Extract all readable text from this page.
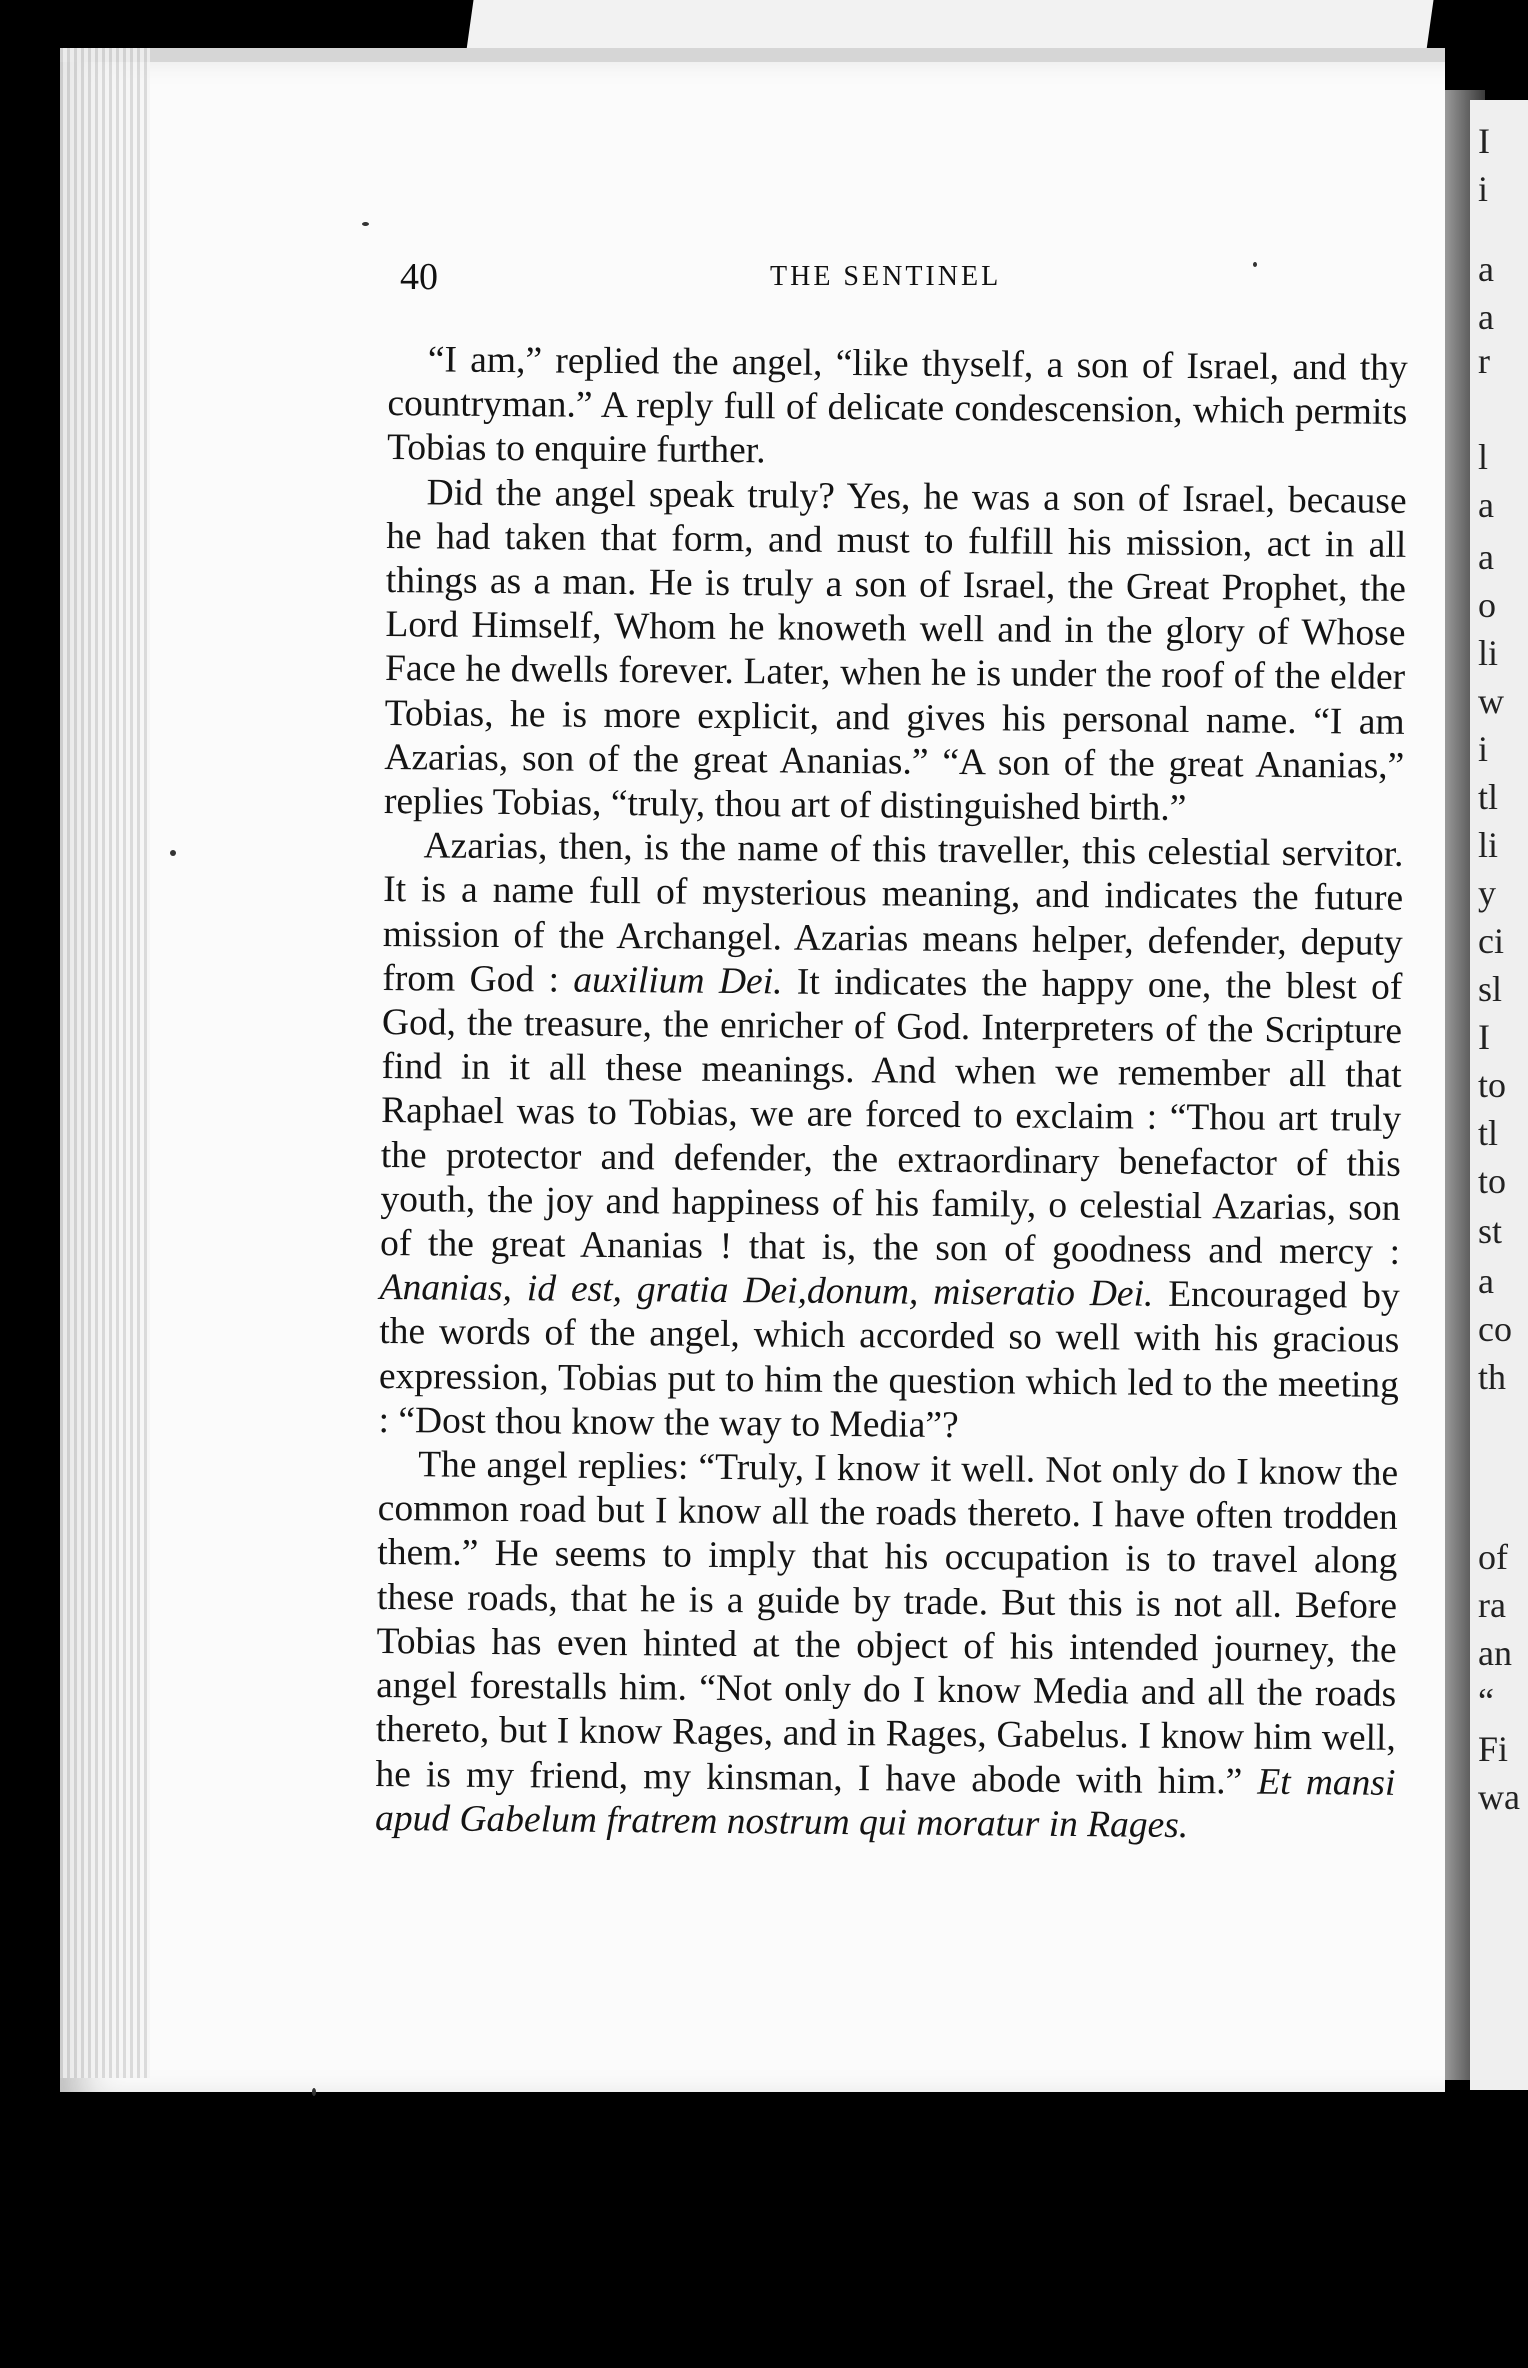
I
i
a
a
r
l
a
a
o
li
w
i
tl
li
y
ci
sl
I
to
tl
to
st
a
co
th
of
ra
an
“
Fi
wa
40	THE SENTINEL

“I am,” replied the angel, “like thyself, a son of Israel, and thy countryman.” A reply full of delicate condescension, which permits Tobias to enquire further.

Did the angel speak truly? Yes, he was a son of Israel, because he had taken that form, and must to fulfill his mission, act in all things as a man. He is truly a son of Israel, the Great Prophet, the Lord Himself, Whom he knoweth well and in the glory of Whose Face he dwells forever. Later, when he is under the roof of the elder Tobias, he is more explicit, and gives his personal name. “I am Azarias, son of the great Ananias.” “A son of the great Ananias,” replies Tobias, “truly, thou art of distinguished birth.”

Azarias, then, is the name of this traveller, this celestial servitor. It is a name full of mysterious meaning, and indicates the future mission of the Archangel. Azarias means helper, defender, deputy from God : auxilium Dei. It indicates the happy one, the blest of God, the treasure, the enricher of God. Interpreters of the Scripture find in it all these meanings. And when we remember all that Raphael was to Tobias, we are forced to exclaim : “Thou art truly the protector and defender, the extraordinary benefactor of this youth, the joy and happiness of his family, o celestial Azarias, son of the great Ananias ! that is, the son of goodness and mercy : Ananias, id est, gratia Dei,donum, miseratio Dei. Encouraged by the words of the angel, which accorded so well with his gracious expression, Tobias put to him the question which led to the meeting : “Dost thou know the way to Media”?

The angel replies: “Truly, I know it well. Not only do I know the common road but I know all the roads thereto. I have often trodden them.” He seems to imply that his occupation is to travel along these roads, that he is a guide by trade. But this is not all. Before Tobias has even hinted at the object of his intended journey, the angel forestalls him. “Not only do I know Media and all the roads thereto, but I know Rages, and in Rages, Gabelus. I know him well, he is my friend, my kinsman, I have abode with him.” Et mansi apud Gabelum fratrem nostrum qui moratur in Rages.
